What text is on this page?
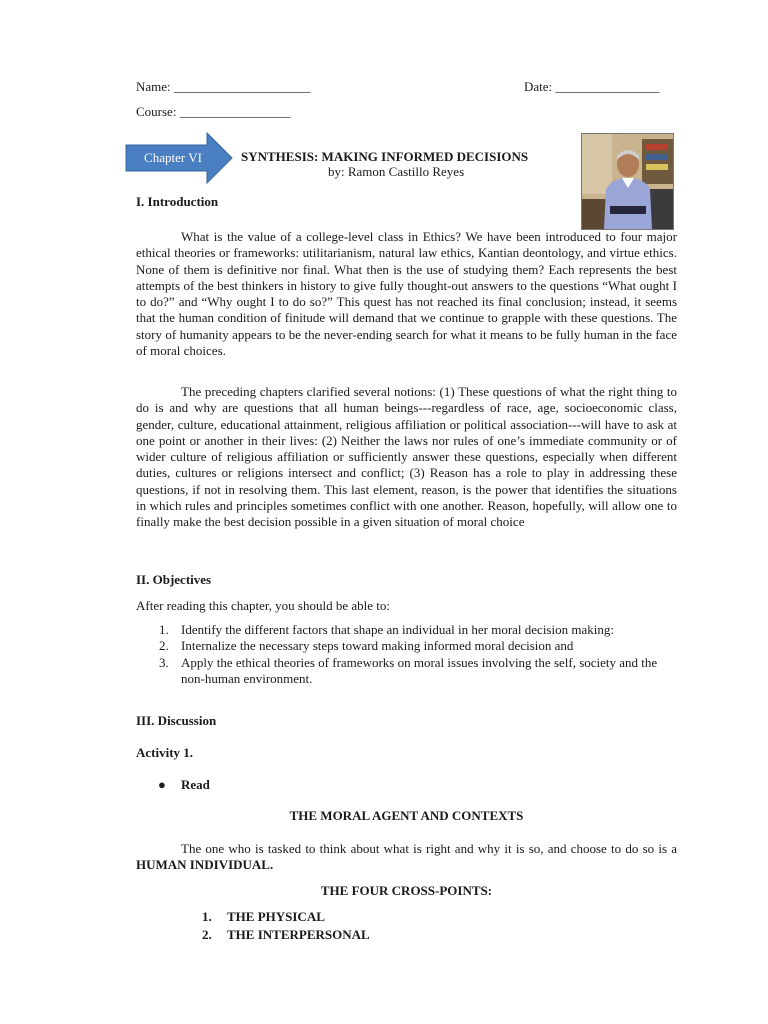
Name: _____________________	Date: ________________
Course: _________________
Chapter VI	SYNTHESIS: MAKING INFORMED DECISIONS
by: Ramon Castillo Reyes
I. Introduction

What is the value of a college-level class in Ethics? We have been introduced to four major ethical theories or frameworks: utilitarianism, natural law ethics, Kantian deontology, and virtue ethics. None of them is definitive nor final. What then is the use of studying them? Each represents the best attempts of the best thinkers in history to give fully thought-out answers to the questions “What ought I to do?” and “Why ought I to do so?” This quest has not reached its final conclusion; instead, it seems that the human condition of finitude will demand that we continue to grapple with these questions. The story of humanity appears to be the never-ending search for what it means to be fully human in the face of moral choices.

The preceding chapters clarified several notions: (1) These questions of what the right thing to do is and why are questions that all human beings---regardless of race, age, socioeconomic class, gender, culture, educational attainment, religious affiliation or political association---will have to ask at one point or another in their lives: (2) Neither the laws nor rules of one’s immediate community or of wider culture of religious affiliation or sufficiently answer these questions, especially when different duties, cultures or religions intersect and conflict; (3) Reason has a role to play in addressing these questions, if not in resolving them. This last element, reason, is the power that identifies the situations in which rules and principles sometimes conflict with one another. Reason, hopefully, will allow one to finally make the best decision possible in a given situation of moral choice

II. Objectives
After reading this chapter, you should be able to:
1. Identify the different factors that shape an individual in her moral decision making:
2. Internalize the necessary steps toward making informed moral decision and
3. Apply the ethical theories of frameworks on moral issues involving the self, society and the non-human environment.
III. Discussion
Activity 1.
● Read
THE MORAL AGENT AND CONTEXTS

The one who is tasked to think about what is right and why it is so, and choose to do so is a HUMAN INDIVIDUAL.

THE FOUR CROSS-POINTS:
1. THE PHYSICAL
2. THE INTERPERSONAL
